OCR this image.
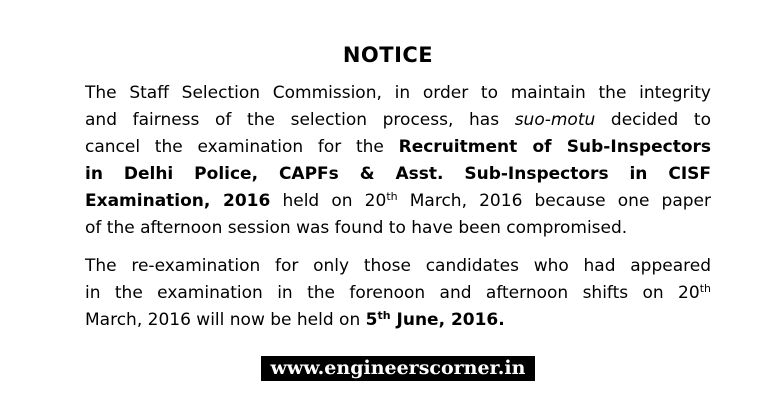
NOTICE
The Staff Selection Commission, in order to maintain the integrity
and fairness of the selection process, has suo-motu decided to
cancel the examination for the Recruitment of Sub-Inspectors
in Delhi Police, CAPFs & Asst. Sub-Inspectors in CISF
Examination, 2016 held on 20th March, 2016 because one paper
of the afternoon session was found to have been compromised.
The re-examination for only those candidates who had appeared
in the examination in the forenoon and afternoon shifts on 20th
March, 2016 will now be held on 5th June, 2016.
www.engineerscorner.in
